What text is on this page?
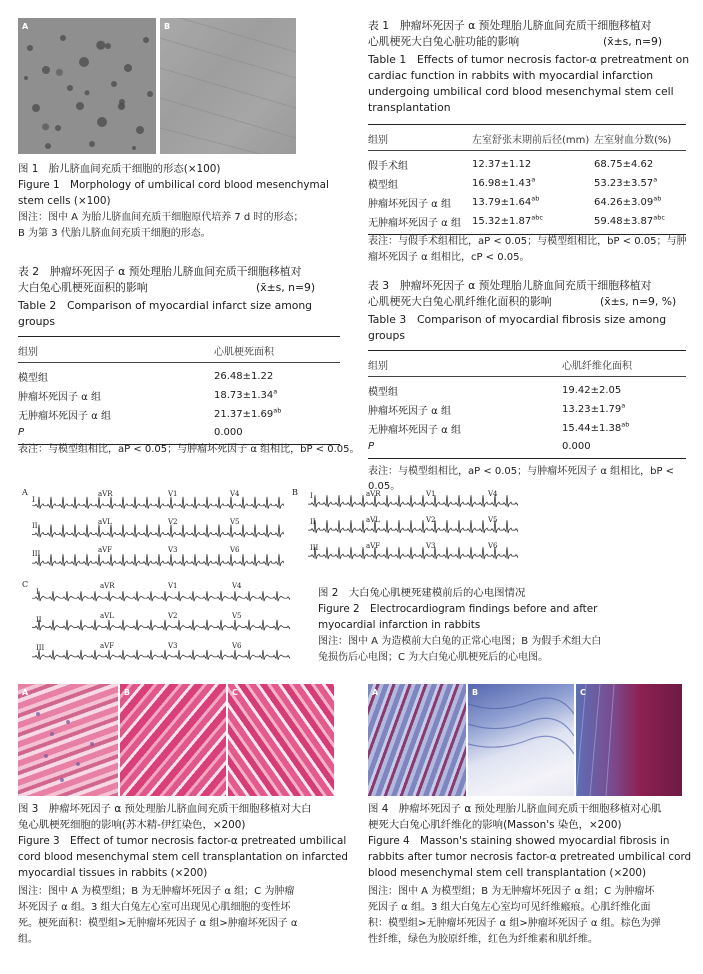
A	B
图 1　胎儿脐血间充质干细胞的形态(×100)
Figure 1　Morphology of umbilical cord blood mesenchymal
stem cells (×100)
图注：图中 A 为胎儿脐血间充质干细胞原代培养 7 d 时的形态；
B 为第 3 代胎儿脐血间充质干细胞的形态。
表 2　肿瘤坏死因子 α 预处理胎儿脐血间充质干细胞移植对
大白兔心肌梗死面积的影响	(x̄±s, n=9)
Table 2　Comparison of myocardial infarct size among
groups
组别	心肌梗死面积
模型组	26.48±1.22
肿瘤坏死因子 α 组	18.73±1.34$^a$
无肿瘤坏死因子 α 组	21.37±1.69$^{ab}$
P	0.000
表注：与模型组相比，aP < 0.05；与肿瘤坏死因子 α 组相比，bP < 0.05。
表 1　肿瘤坏死因子 α 预处理胎儿脐血间充质干细胞移植对
心肌梗死大白兔心脏功能的影响	(x̄±s, n=9)
Table 1　Effects of tumor necrosis factor-α pretreatment on
cardiac function in rabbits with myocardial infarction
undergoing umbilical cord blood mesenchymal stem cell
transplantation
组别	左室舒张末期前后径(mm)	左室射血分数(%)
假手术组	12.37±1.12	68.75±4.62
模型组	16.98±1.43$^a$	53.23±3.57$^a$
肿瘤坏死因子 α 组	13.79±1.64$^{ab}$	64.26±3.09$^{ab}$
无肿瘤坏死因子 α 组	15.32±1.87$^{abc}$	59.48±3.87$^{abc}$
表注：与假手术组相比，aP < 0.05；与模型组相比，bP < 0.05；与肿
瘤坏死因子 α 组相比，cP < 0.05。
表 3　肿瘤坏死因子 α 预处理胎儿脐血间充质干细胞移植对
心肌梗死大白兔心肌纤维化面积的影响	(x̄±s, n=9, %)
Table 3　Comparison of myocardial fibrosis size among
groups
组别	心肌纤维化面积
模型组	19.42±2.05
肿瘤坏死因子 α 组	13.23±1.79$^a$
无肿瘤坏死因子 α 组	15.44±1.38$^{ab}$
P	0.000
表注：与模型组相比，aP < 0.05；与肿瘤坏死因子 α 组相比，bP < 0.05。
A
I
aVR	V1	V4
II	aVL	V2	V5
III	aVF	V3	V6
B I	aVR	V1	V4
II	aVL	V2	V5
III	aVF	V3	V6
C
I
aVR	V1	V4
II	aVL	V2	V5
III	aVF	V3	V6
图 2　大白兔心肌梗死建模前后的心电图情况
Figure 2　Electrocardiogram findings before and after
myocardial infarction in rabbits
图注：图中 A 为造模前大白兔的正常心电图；B 为假手术组大白
兔损伤后心电图；C 为大白兔心肌梗死后的心电图。
A	B	C
图 3　肿瘤坏死因子 α 预处理胎儿脐血间充质干细胞移植对大白
兔心肌梗死细胞的影响(苏木精-伊红染色，×200)
Figure 3　Effect of tumor necrosis factor-α pretreated umbilical
cord blood mesenchymal stem cell transplantation on infarcted
myocardial tissues in rabbits (×200)
图注：图中 A 为模型组；B 为无肿瘤坏死因子 α 组；C 为肿瘤
坏死因子 α 组。3 组大白兔左心室可出现见心肌细胞的变性坏
死。梗死面积：模型组>无肿瘤坏死因子 α 组>肿瘤坏死因子 α
组。
A	B	C
图 4　肿瘤坏死因子 α 预处理胎儿脐血间充质干细胞移植对心肌
梗死大白兔心肌纤维化的影响(Masson's 染色，×200)
Figure 4　Masson's staining showed myocardial fibrosis in
rabbits after tumor necrosis factor-α pretreated umbilical cord
blood mesenchymal stem cell transplantation (×200)
图注：图中 A 为模型组；B 为无肿瘤坏死因子 α 组；C 为肿瘤坏
死因子 α 组。3 组大白兔左心室均可见纤维瘢痕。心肌纤维化面
积：模型组>无肿瘤坏死因子 α 组>肿瘤坏死因子 α 组。棕色为弹
性纤维，绿色为胶原纤维，红色为纤维素和肌纤维。
